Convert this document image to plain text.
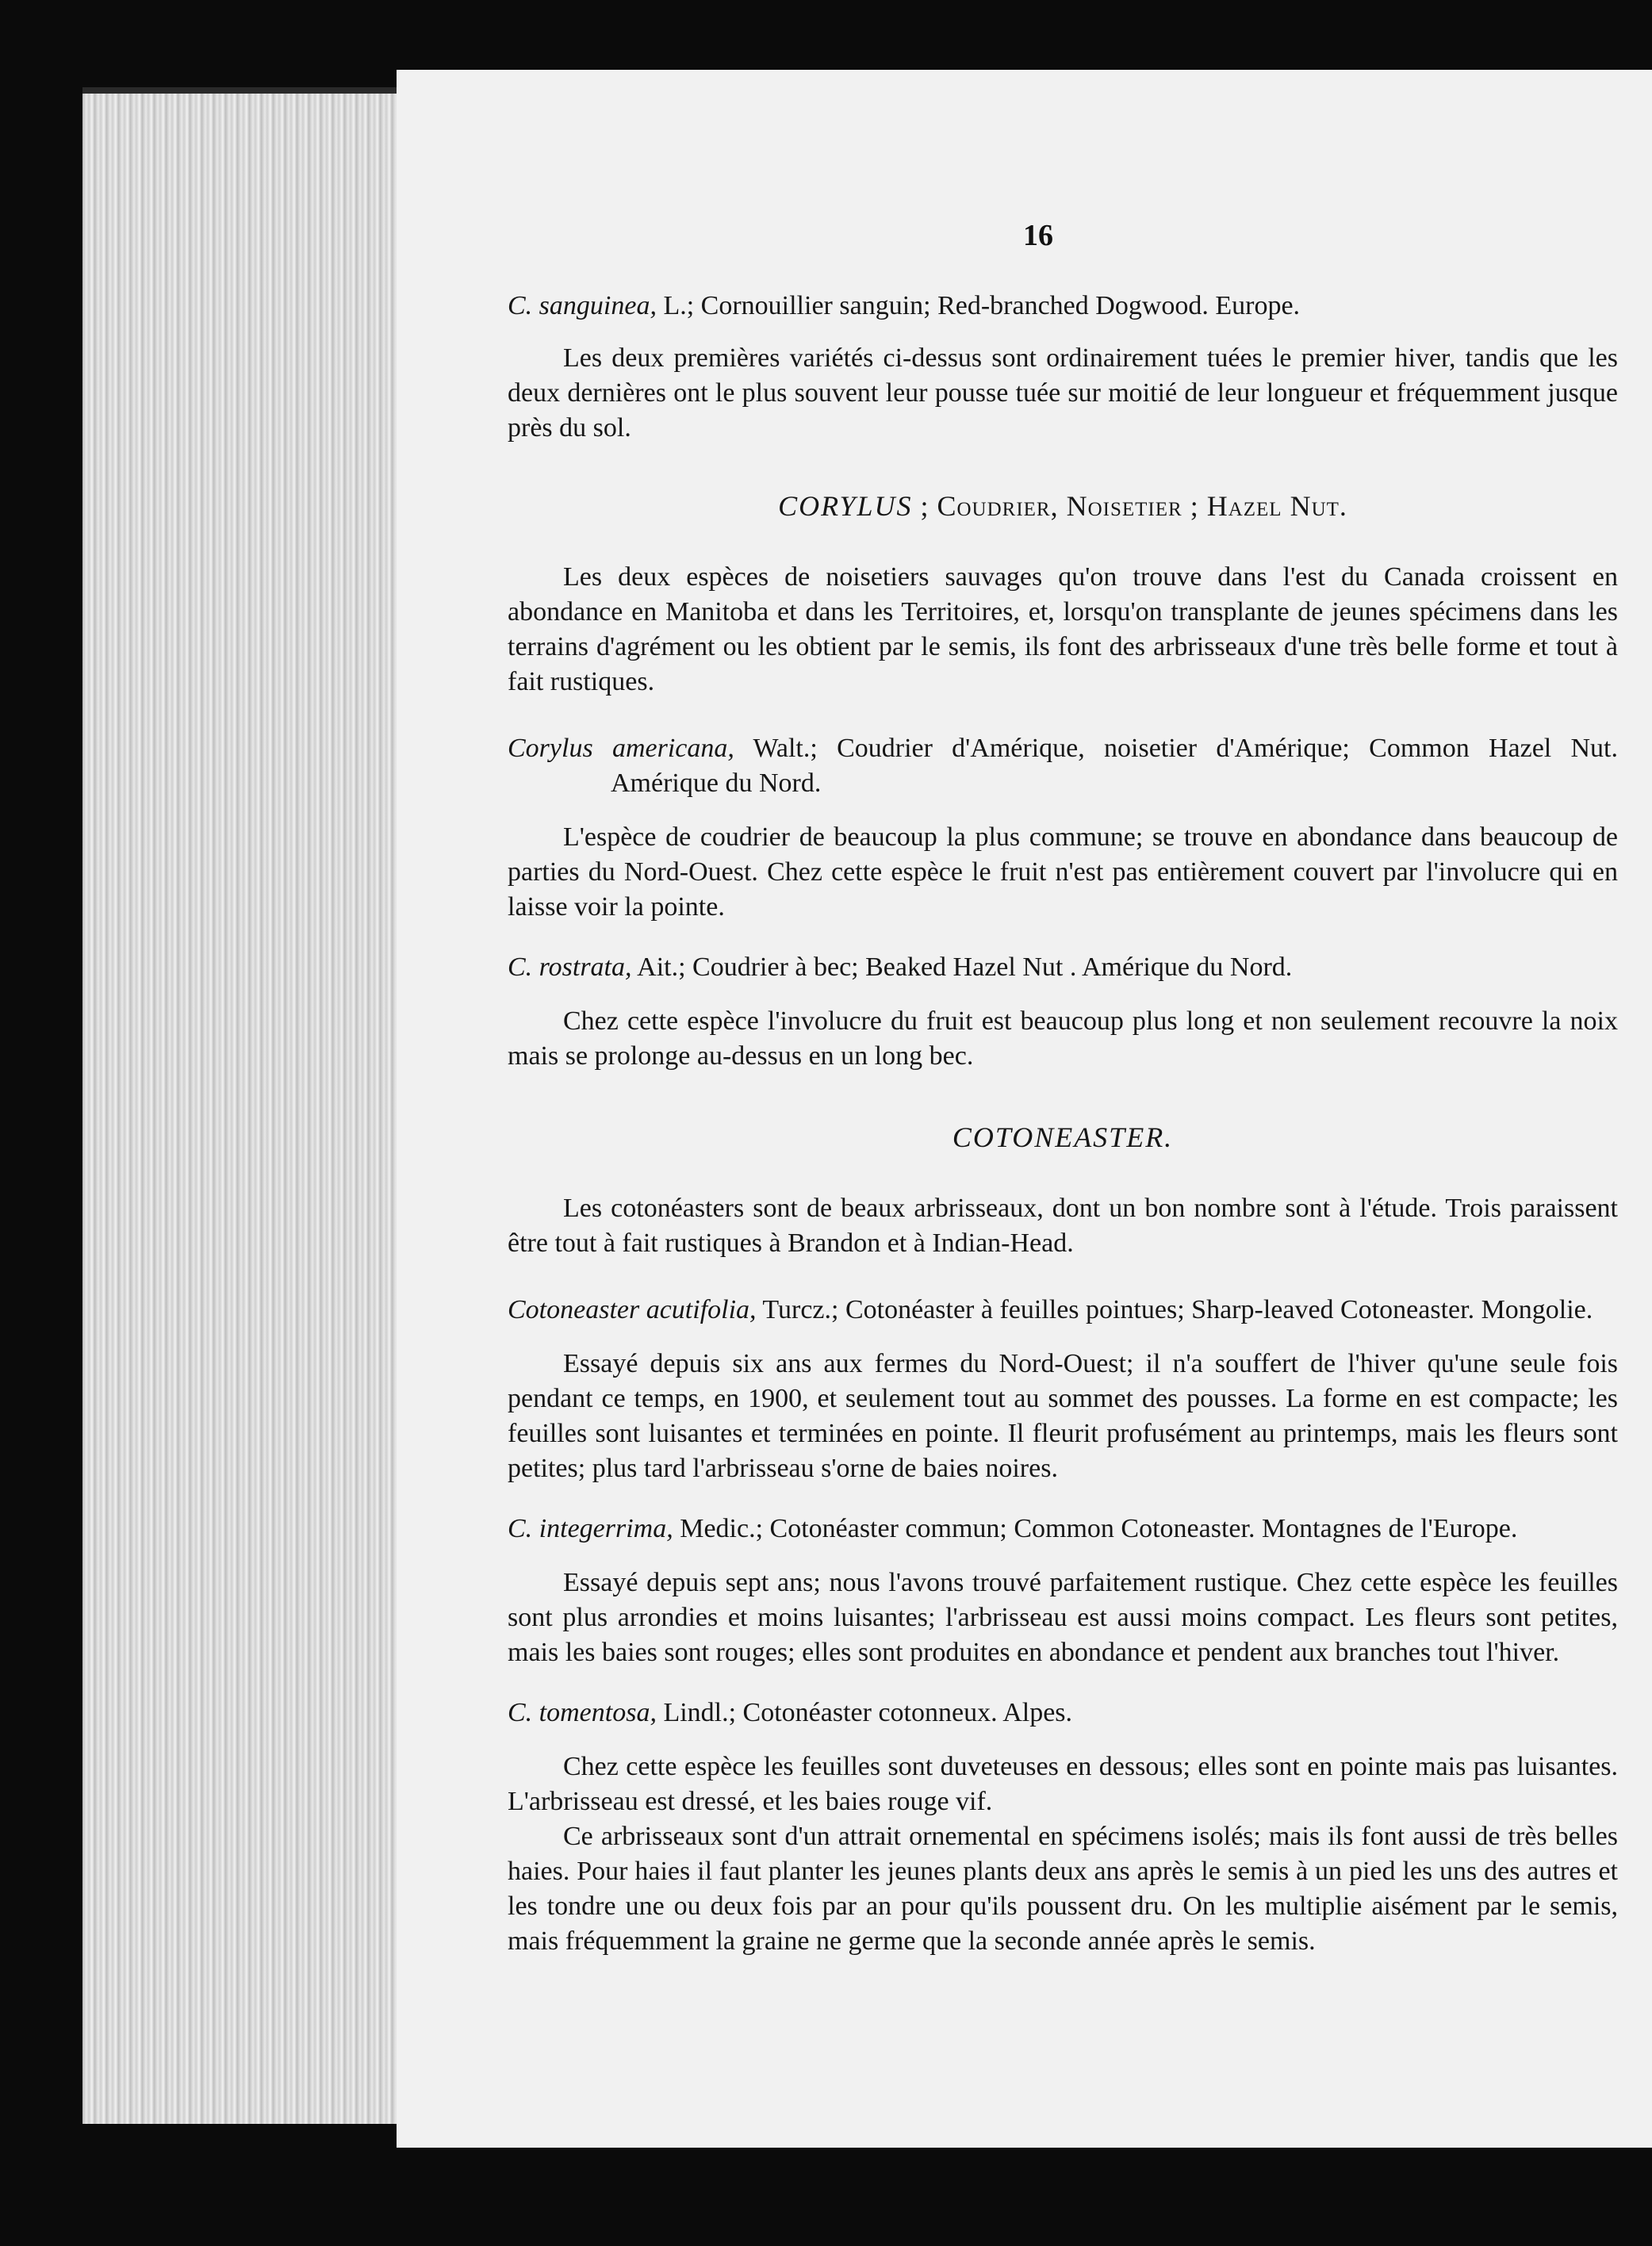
16

C. sanguinea, L.; Cornouillier sanguin; Red-branched Dogwood. Europe.

Les deux premières variétés ci-dessus sont ordinairement tuées le premier hiver, tandis que les deux dernières ont le plus souvent leur pousse tuée sur moitié de leur longueur et fréquemment jusque près du sol.

CORYLUS ; Coudrier, Noisetier ; Hazel Nut.

Les deux espèces de noisetiers sauvages qu'on trouve dans l'est du Canada croissent en abondance en Manitoba et dans les Territoires, et, lorsqu'on transplante de jeunes spécimens dans les terrains d'agrément ou les obtient par le semis, ils font des arbrisseaux d'une très belle forme et tout à fait rustiques.

Corylus americana, Walt.; Coudrier d'Amérique, noisetier d'Amérique; Common Hazel Nut. Amérique du Nord.

L'espèce de coudrier de beaucoup la plus commune; se trouve en abondance dans beaucoup de parties du Nord-Ouest. Chez cette espèce le fruit n'est pas entièrement couvert par l'involucre qui en laisse voir la pointe.

C. rostrata, Ait.; Coudrier à bec; Beaked Hazel Nut . Amérique du Nord.

Chez cette espèce l'involucre du fruit est beaucoup plus long et non seulement recouvre la noix mais se prolonge au-dessus en un long bec.

COTONEASTER.

Les cotonéasters sont de beaux arbrisseaux, dont un bon nombre sont à l'étude. Trois paraissent être tout à fait rustiques à Brandon et à Indian-Head.

Cotoneaster acutifolia, Turcz.; Cotonéaster à feuilles pointues; Sharp-leaved Cotoneaster. Mongolie.

Essayé depuis six ans aux fermes du Nord-Ouest; il n'a souffert de l'hiver qu'une seule fois pendant ce temps, en 1900, et seulement tout au sommet des pousses. La forme en est compacte; les feuilles sont luisantes et terminées en pointe. Il fleurit profusément au printemps, mais les fleurs sont petites; plus tard l'arbrisseau s'orne de baies noires.

C. integerrima, Medic.; Cotonéaster commun; Common Cotoneaster. Montagnes de l'Europe.

Essayé depuis sept ans; nous l'avons trouvé parfaitement rustique. Chez cette espèce les feuilles sont plus arrondies et moins luisantes; l'arbrisseau est aussi moins compact. Les fleurs sont petites, mais les baies sont rouges; elles sont produites en abondance et pendent aux branches tout l'hiver.

C. tomentosa, Lindl.; Cotonéaster cotonneux. Alpes.

Chez cette espèce les feuilles sont duveteuses en dessous; elles sont en pointe mais pas luisantes. L'arbrisseau est dressé, et les baies rouge vif.

Ce arbrisseaux sont d'un attrait ornemental en spécimens isolés; mais ils font aussi de très belles haies. Pour haies il faut planter les jeunes plants deux ans après le semis à un pied les uns des autres et les tondre une ou deux fois par an pour qu'ils poussent dru. On les multiplie aisément par le semis, mais fréquemment la graine ne germe que la seconde année après le semis.
